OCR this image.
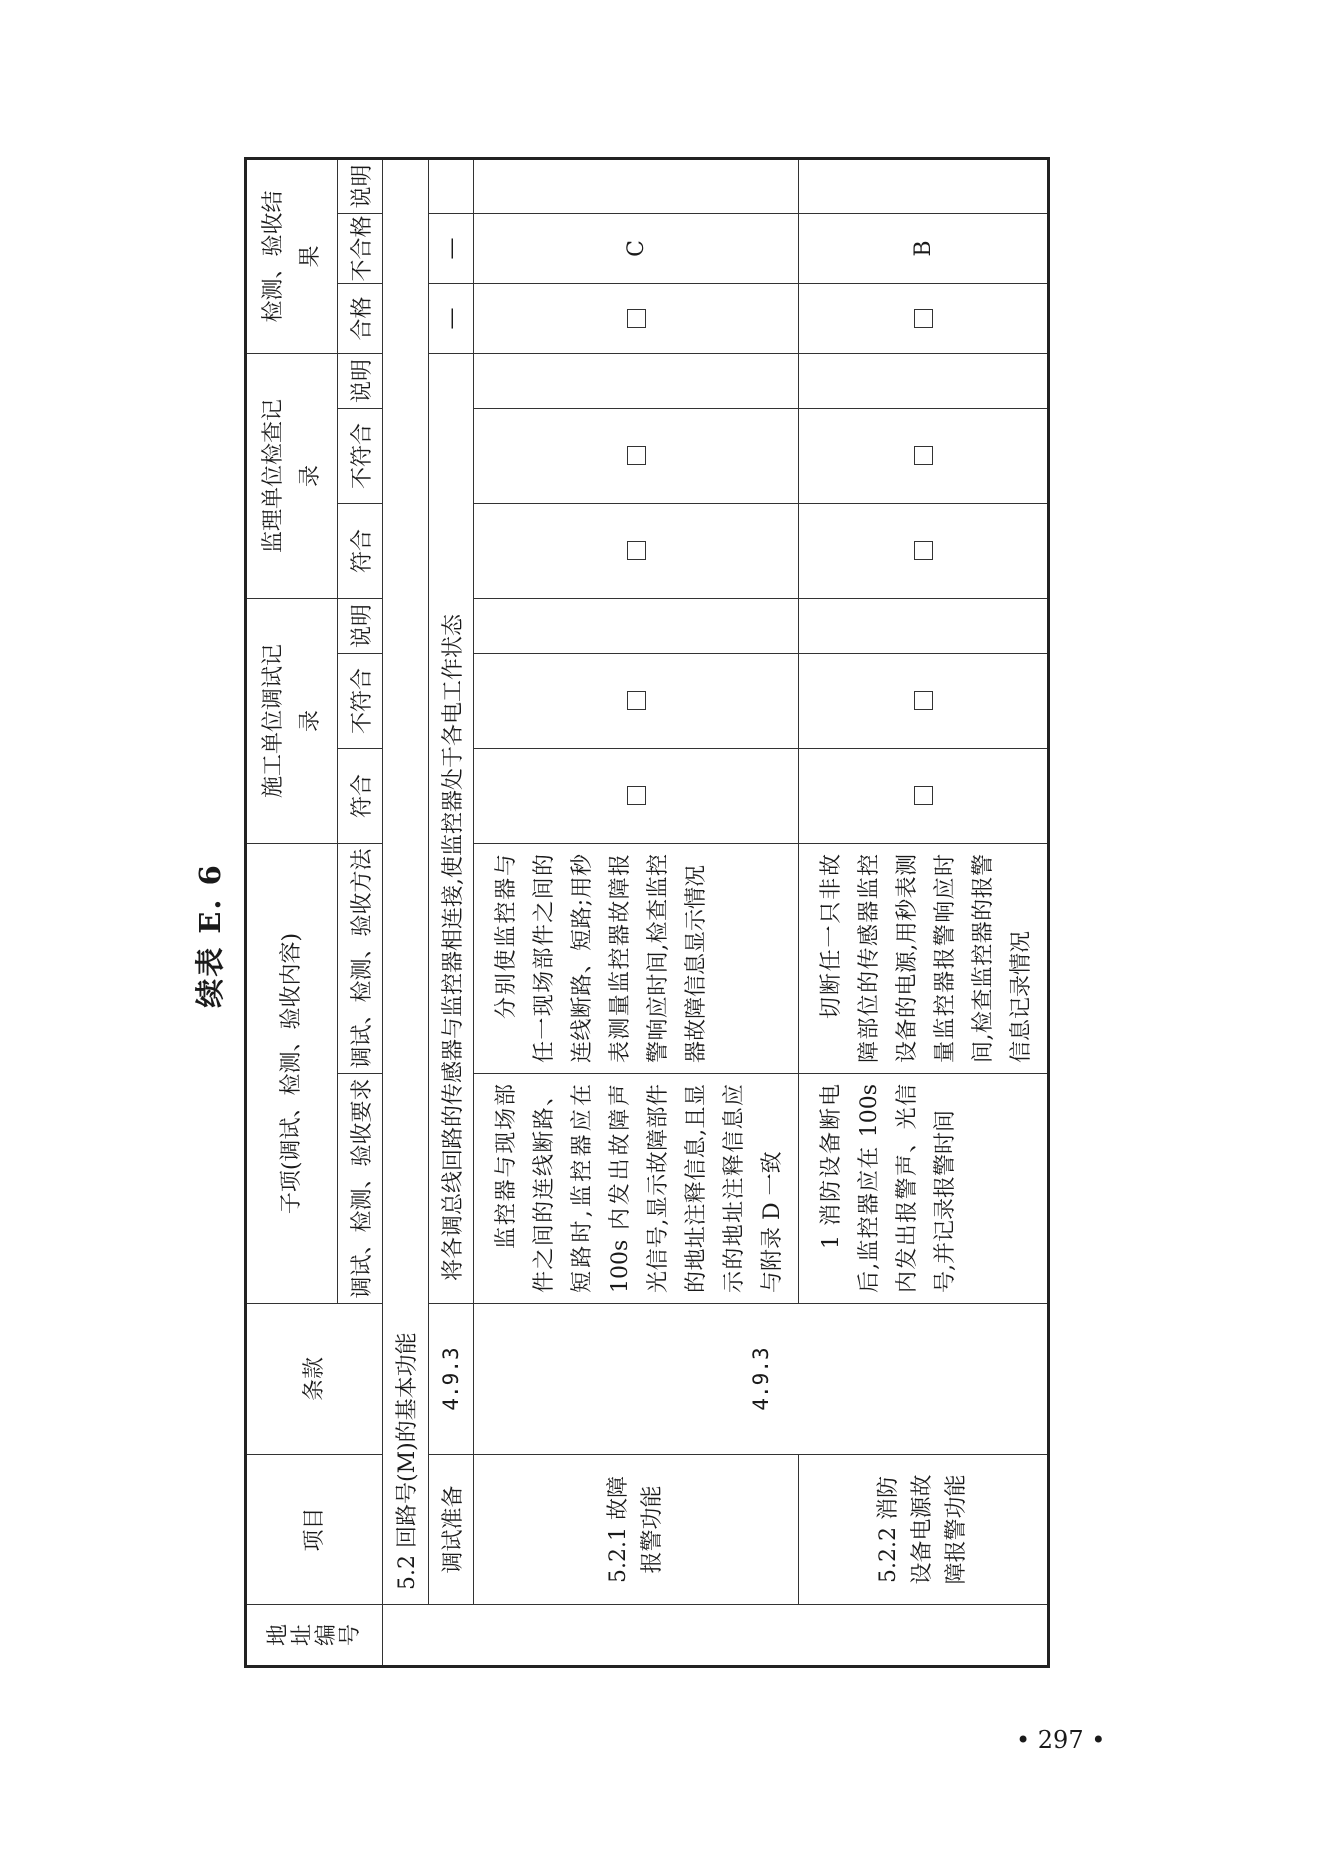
续表 E. 6
地址编号	项目	条款	子项(调试、检测、验收内容)		施工单位调试记录			监理单位检查记录			检测、验收结果		
			调试、检测、验收要求	调试、检测、验收方法	符合	不符合	说明	符合	不符合	说明	合格	不合格	说明
	5.2 回路号(M)的基本功能												
	调试准备	4.9.3	将各调总线回路的传感器与监控器相连接,使监控器处于各电工作状态								—	—	
	5.2.1 故障报警功能	4.9.3	监控器与现场部件之间的连线断路、短路时,监控器应在 100s 内发出故障声光信号,显示故障部件的地址注释信息,且显示的地址注释信息应与附录 D 一致	分别使监控器与任一现场部件之间的连线断路、短路;用秒表测量监控器故障报警响应时间,检查监控器故障信息显示情况								C	
	5.2.2 消防设备电源故障报警功能		1 消防设备断电后,监控器应在 100s 内发出报警声、光信号,并记录报警时间	切断任一只非故障部位的传感器监控设备的电源,用秒表测量监控器报警响应时间,检查监控器的报警信息记录情况								B	
• 297 •
